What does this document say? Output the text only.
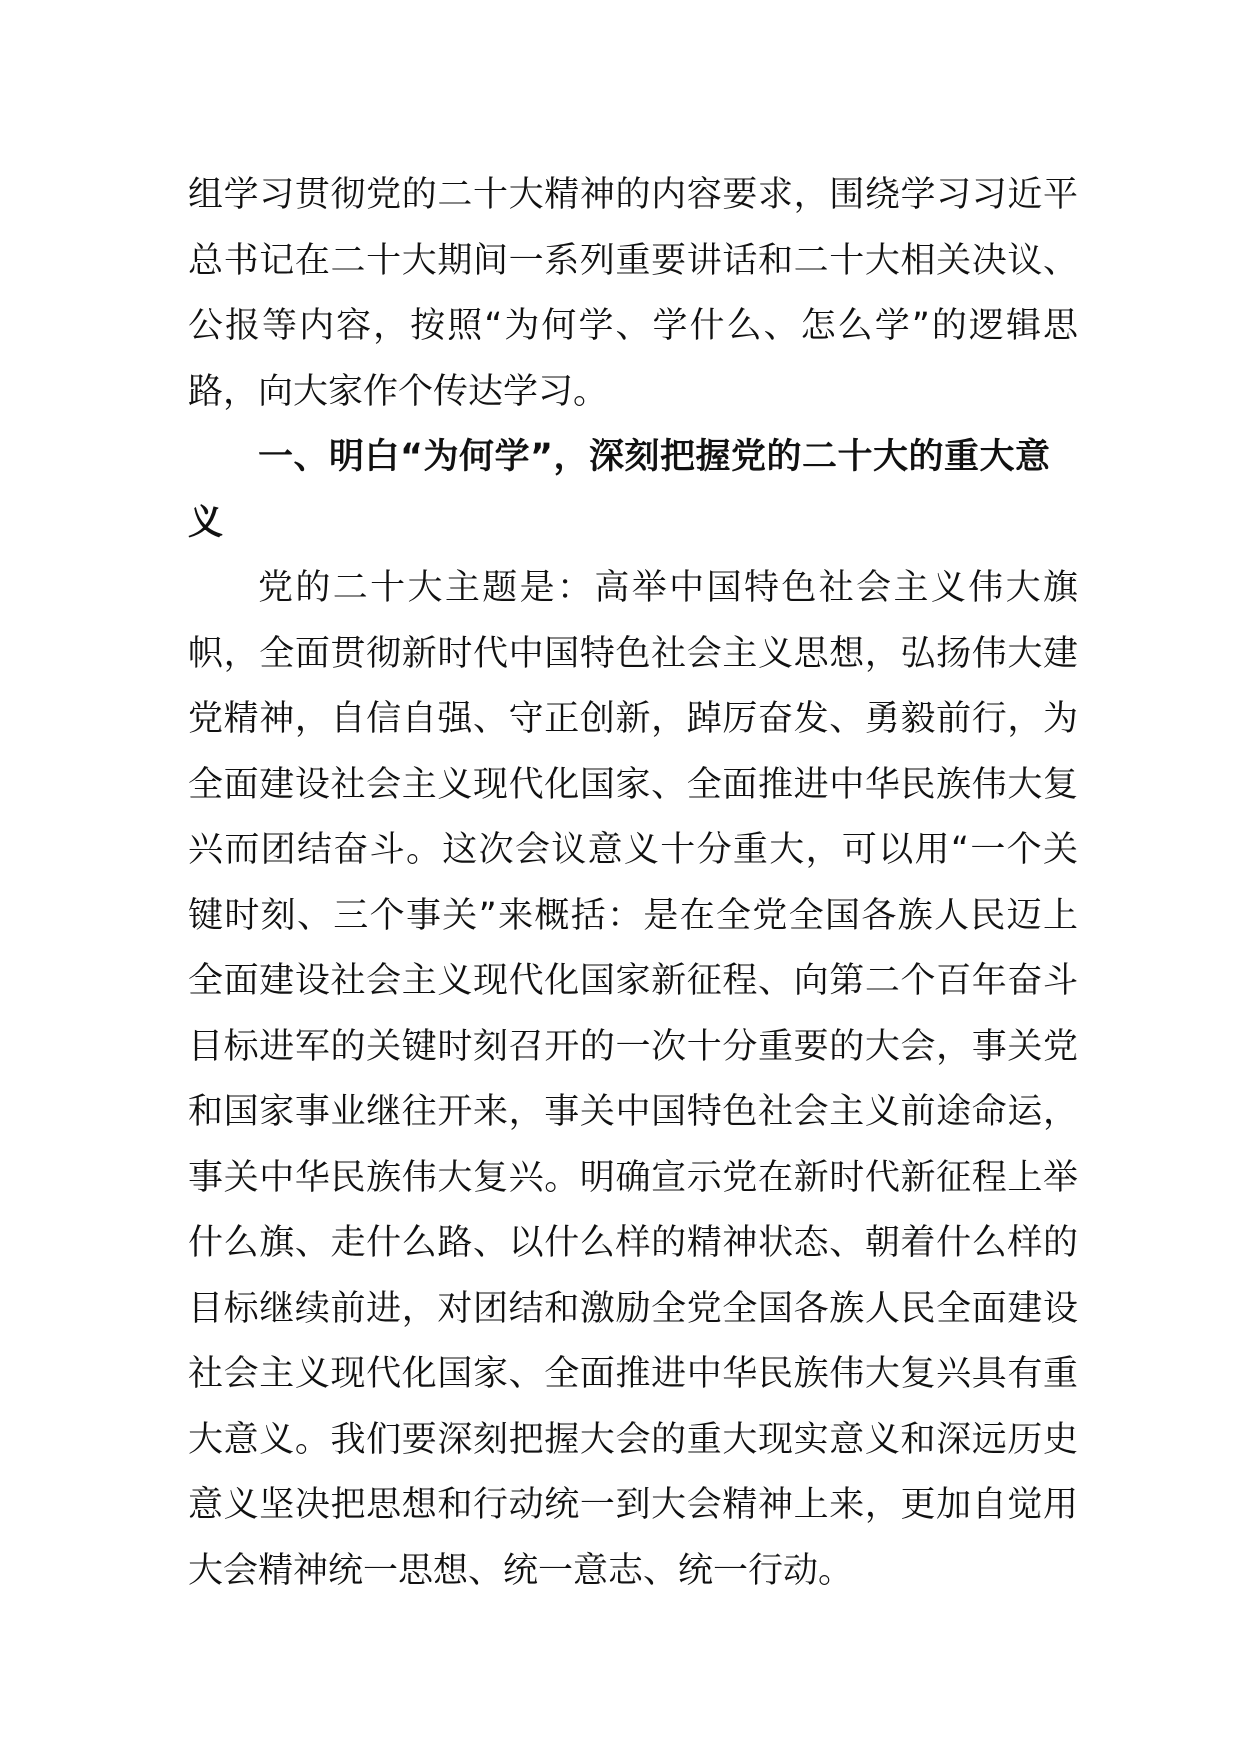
组学习贯彻党的二十大精神的内容要求，围绕学习习近平总书记在二十大期间一系列重要讲话和二十大相关决议、公报等内容，按照“为何学、学什么、怎么学”的逻辑思路，向大家作个传达学习。

一、明白“为何学”，深刻把握党的二十大的重大意义

党的二十大主题是：高举中国特色社会主义伟大旗帜，全面贯彻新时代中国特色社会主义思想，弘扬伟大建党精神，自信自强、守正创新，踔厉奋发、勇毅前行，为全面建设社会主义现代化国家、全面推进中华民族伟大复兴而团结奋斗。这次会议意义十分重大，可以用“一个关键时刻、三个事关”来概括：是在全党全国各族人民迈上全面建设社会主义现代化国家新征程、向第二个百年奋斗目标进军的关键时刻召开的一次十分重要的大会，事关党和国家事业继往开来，事关中国特色社会主义前途命运，事关中华民族伟大复兴。明确宣示党在新时代新征程上举什么旗、走什么路、以什么样的精神状态、朝着什么样的目标继续前进，对团结和激励全党全国各族人民全面建设社会主义现代化国家、全面推进中华民族伟大复兴具有重大意义。我们要深刻把握大会的重大现实意义和深远历史意义坚决把思想和行动统一到大会精神上来，更加自觉用大会精神统一思想、统一意志、统一行动。
